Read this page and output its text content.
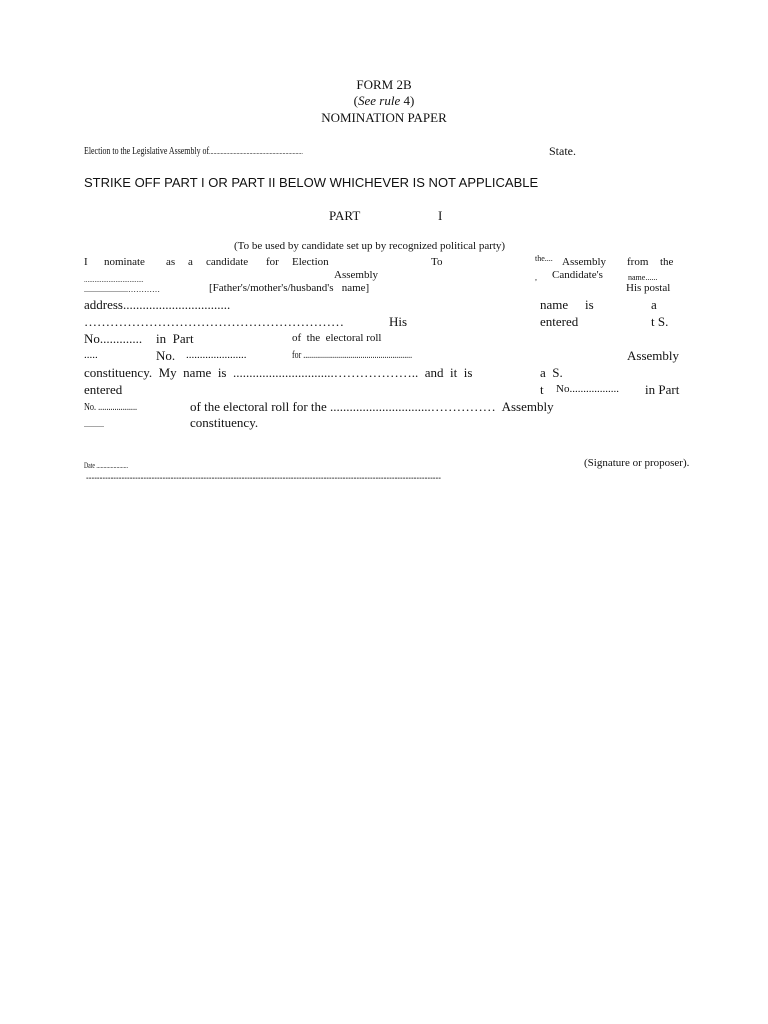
FORM 2B
(See rule 4)
NOMINATION PAPER
Election to the Legislative Assembly of.................................................................	State.
STRIKE OFF PART I OR PART II BELOW WHICHEVER IS NOT APPLICABLE
PART	I
(To be used by candidate set up by recognized political party)
I nominate as a candidate for Election	To	the.... Assembly from the
..................................	Assembly	, Candidate's	name......
......................…………	[Father's/mother's/husband's   name]	His postal
address.................................	name is	a
……………………………………………………	His	entered	t S.
No............. in  Part	of  the  electoral roll
.....	No. ......................	for .......................................................	Assembly
constituency.  My  name  is  ...............................………………..  and  it  is	a  S.
entered	t No.................. in Part
No. ...................	of the electoral roll for the ...............................……………  Assembly
..........	constituency.
Date ......................	(Signature or proposer).
----------------------------------------------------------------------------------------------------------------------------------
